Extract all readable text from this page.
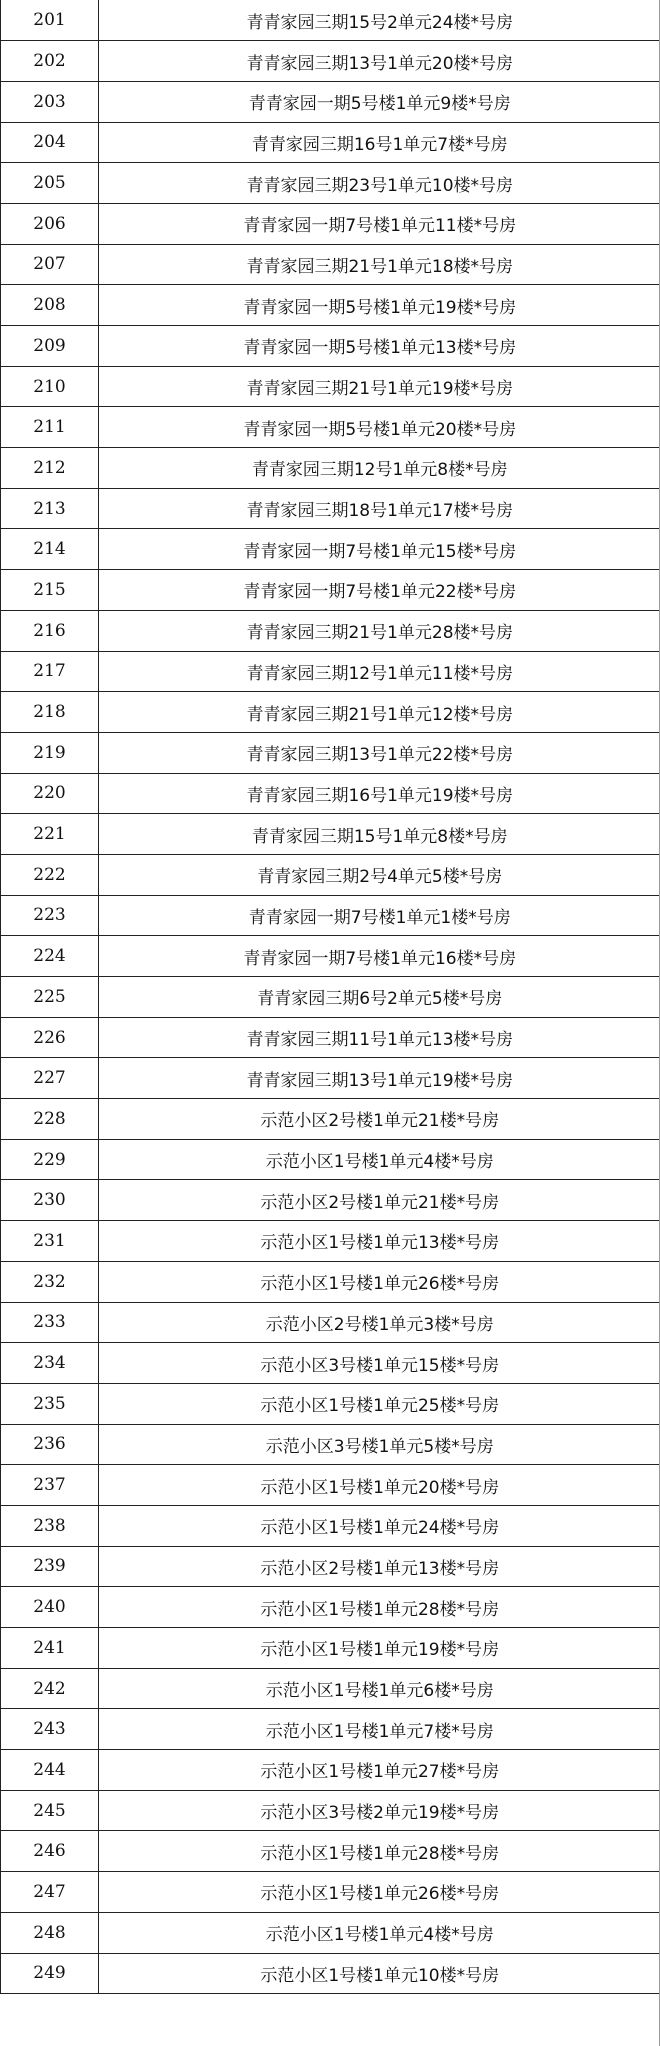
201	青青家园三期15号2单元24楼*号房
202	青青家园三期13号1单元20楼*号房
203	青青家园一期5号楼1单元9楼*号房
204	青青家园三期16号1单元7楼*号房
205	青青家园三期23号1单元10楼*号房
206	青青家园一期7号楼1单元11楼*号房
207	青青家园三期21号1单元18楼*号房
208	青青家园一期5号楼1单元19楼*号房
209	青青家园一期5号楼1单元13楼*号房
210	青青家园三期21号1单元19楼*号房
211	青青家园一期5号楼1单元20楼*号房
212	青青家园三期12号1单元8楼*号房
213	青青家园三期18号1单元17楼*号房
214	青青家园一期7号楼1单元15楼*号房
215	青青家园一期7号楼1单元22楼*号房
216	青青家园三期21号1单元28楼*号房
217	青青家园三期12号1单元11楼*号房
218	青青家园三期21号1单元12楼*号房
219	青青家园三期13号1单元22楼*号房
220	青青家园三期16号1单元19楼*号房
221	青青家园三期15号1单元8楼*号房
222	青青家园三期2号4单元5楼*号房
223	青青家园一期7号楼1单元1楼*号房
224	青青家园一期7号楼1单元16楼*号房
225	青青家园三期6号2单元5楼*号房
226	青青家园三期11号1单元13楼*号房
227	青青家园三期13号1单元19楼*号房
228	示范小区2号楼1单元21楼*号房
229	示范小区1号楼1单元4楼*号房
230	示范小区2号楼1单元21楼*号房
231	示范小区1号楼1单元13楼*号房
232	示范小区1号楼1单元26楼*号房
233	示范小区2号楼1单元3楼*号房
234	示范小区3号楼1单元15楼*号房
235	示范小区1号楼1单元25楼*号房
236	示范小区3号楼1单元5楼*号房
237	示范小区1号楼1单元20楼*号房
238	示范小区1号楼1单元24楼*号房
239	示范小区2号楼1单元13楼*号房
240	示范小区1号楼1单元28楼*号房
241	示范小区1号楼1单元19楼*号房
242	示范小区1号楼1单元6楼*号房
243	示范小区1号楼1单元7楼*号房
244	示范小区1号楼1单元27楼*号房
245	示范小区3号楼2单元19楼*号房
246	示范小区1号楼1单元28楼*号房
247	示范小区1号楼1单元26楼*号房
248	示范小区1号楼1单元4楼*号房
249	示范小区1号楼1单元10楼*号房
